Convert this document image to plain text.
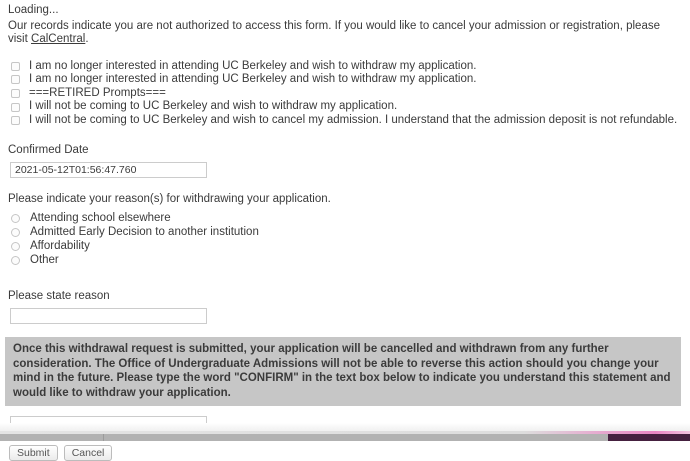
Loading...

Our records indicate you are not authorized to access this form. If you would like to cancel your admission or registration, please visit CalCentral.

I am no longer interested in attending UC Berkeley and wish to withdraw my application.
I am no longer interested in attending UC Berkeley and wish to withdraw my application.
===RETIRED Prompts===
I will not be coming to UC Berkeley and wish to withdraw my application.
I will not be coming to UC Berkeley and wish to cancel my admission. I understand that the admission deposit is not refundable.
Confirmed Date
2021-05-12T01:56:47.760
Please indicate your reason(s) for withdrawing your application.
Attending school elsewhere
Admitted Early Decision to another institution
Affordability
Other
Please state reason
Once this withdrawal request is submitted, your application will be cancelled and withdrawn from any further consideration. The Office of Undergraduate Admissions will not be able to reverse this action should you change your mind in the future. Please type the word "CONFIRM" in the text box below to indicate you understand this statement and would like to withdraw your application.
Submit	Cancel
